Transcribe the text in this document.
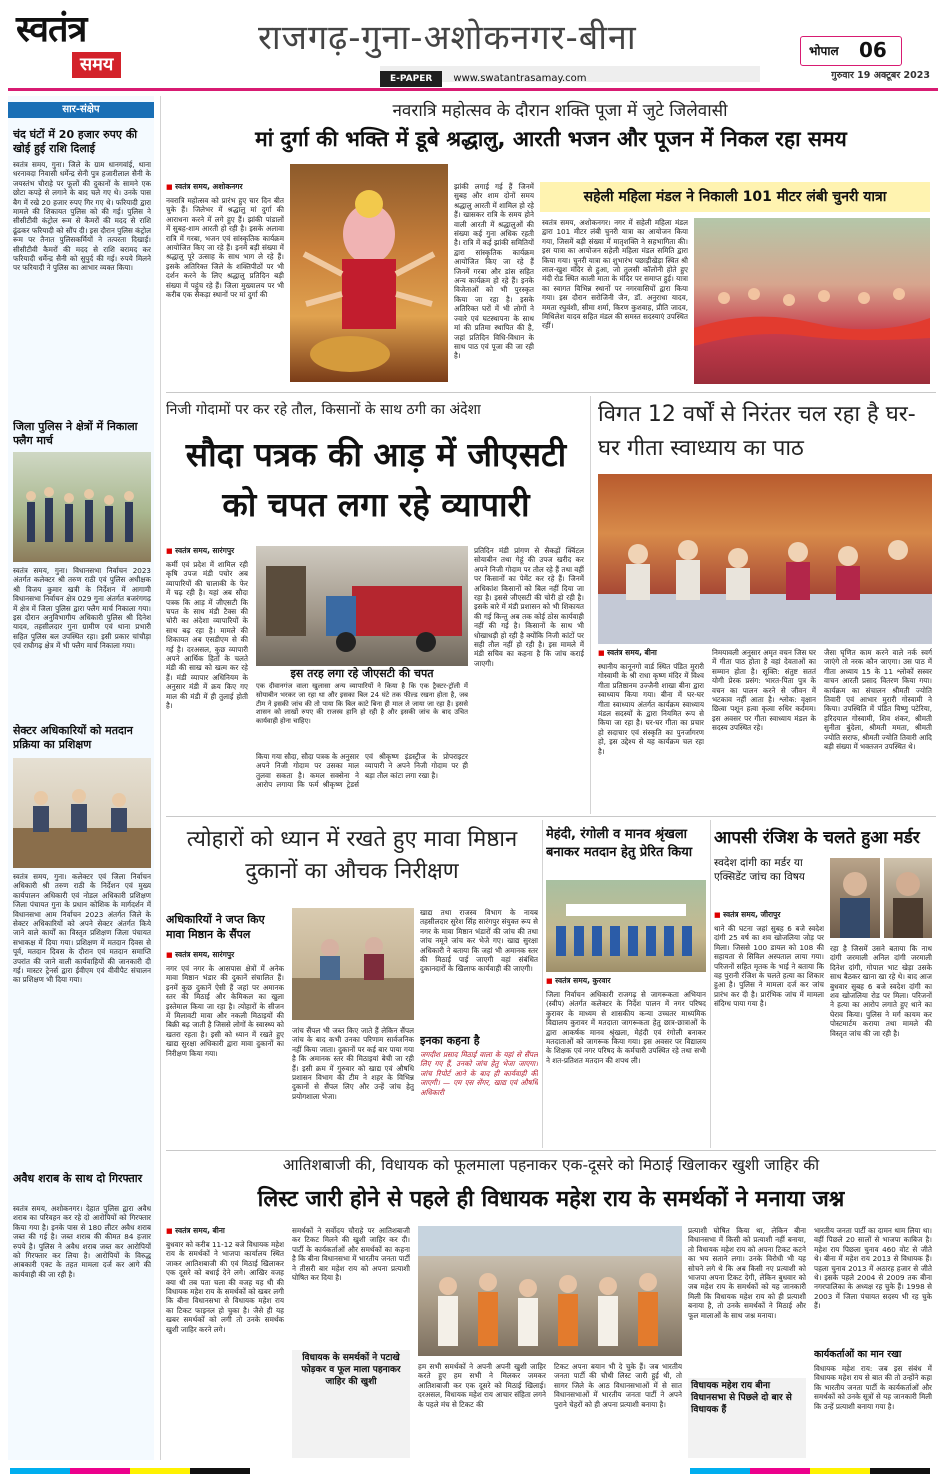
स्वतंत्र
समय
राजगढ़-गुना-अशोकनगर-बीना
E-PAPER www.swatantrasamay.com
भोपाल 06
गुरुवार 19 अक्टूबर 2023
सार-संक्षेप
चंद घंटों में 20 हजार रुपए की खोई हुई राशि दिलाई
स्वतंत्र समय, गुना। जिले के ग्राम धानगवांई, थाना धरनावदा निवासी धर्मेन्द्र सेनी पुत्र हजारीलाल सैनी के जयस्तंभ चौराहे पर फूलों की दुकानों के सामने एक छोटा कपड़े से लगाने के बाद चले गए थे। उनके पास बैग में रखे 20 हजार रुपए गिर गए थे। फरियादी द्वारा मामले की शिकायत पुलिस को की गई। पुलिस ने सीसीटीवी कंट्रोल रूम से कैमरों की मदद से राशि ढूंढकर फरियादी को सौंप दी। इस दौरान पुलिस कंट्रोल रूम पर तैनात पुलिसकर्मियों ने तत्परता दिखाई। सीसीटीवी कैमरों की मदद से राशि बरामद कर फरियादी धर्मेन्द्र सैनी को सुपुर्द की गई। रुपये मिलने पर फरियादी ने पुलिस का आभार व्यक्त किया।
जिला पुलिस ने क्षेत्रों में निकाला फ्लैग मार्च
स्वतंत्र समय, गुना। विधानसभा निर्वाचन 2023 अंतर्गत कलेक्टर श्री तरुण राठी एवं पुलिस अधीक्षक श्री विजय कुमार खत्री के निर्देशन में आगामी विधानसभा निर्वाचन क्षेत्र 029 गुना अंतर्गत बजरंगगढ़ में क्षेत्र में जिला पुलिस द्वारा फ्लैग मार्च निकाला गया। इस दौरान अनुविभागीय अधिकारी पुलिस श्री दिनेश यादव, तहसीलदार गुना ग्रामीण एवं थाना प्रभारी सहित पुलिस बल उपस्थित रहा। इसी प्रकार चांचौड़ा एवं राघौगढ़ क्षेत्र में भी फ्लैग मार्च निकाला गया।
सेक्टर अधिकारियों को मतदान प्रक्रिया का प्रशिक्षण
स्वतंत्र समय, गुना। कलेक्टर एवं जिला निर्वाचन अधिकारी श्री तरुण राठी के निर्देशन एवं मुख्य कार्यपालन अधिकारी एवं नोडल अधिकारी प्रशिक्षण जिला पंचायत गुना के प्रधान कोशिक के मार्गदर्शन में विधानसभा आम निर्वाचन 2023 अंतर्गत जिले के सेक्टर अधिकारियों को अपने सेक्टर अंतर्गत किये जाने वाले कार्यों का विस्तृत प्रशिक्षण जिला पंचायत सभाकक्ष में दिया गया। प्रशिक्षण में मतदान दिवस से पूर्व, मतदान दिवस के दौरान एवं मतदान समाप्ति उपरांत की जाने वाली कार्यवाहियों की जानकारी दी गई। मास्टर ट्रेनर्स द्वारा ईवीएम एवं वीवीपैट संचालन का प्रशिक्षण भी दिया गया।
अवैध शराब के साथ दो गिरफ्तार
स्वतंत्र समय, अशोकनगर। देहात पुलिस द्वारा अवैध शराब का परिवहन कर रहे दो आरोपियों को गिरफ्तार किया गया है। इनके पास से 180 लीटर अवैध शराब जब्त की गई है। जब्त शराब की कीमत 84 हजार रुपये है। पुलिस ने अवैध शराब जब्त कर आरोपियों को गिरफ्तार कर लिया है। आरोपियों के विरुद्ध आबकारी एक्ट के तहत मामला दर्ज कर आगे की कार्यवाही की जा रही है।
नवरात्रि महोत्सव के दौरान शक्ति पूजा में जुटे जिलेवासी
मां दुर्गा की भक्ति में डूबे श्रद्धालु, आरती भजन और पूजन में निकल रहा समय
■ स्वतंत्र समय, अशोकनगर
नवरात्रि महोत्सव को प्रारंभ हुए चार दिन बीत चुके हैं। जिलेभर में श्रद्धालु मां दुर्गा की आराधना करने में लगे हुए हैं। झांकी पांडालों में सुबह-शाम आरती हो रही है। इसके अलावा रात्रि में गरबा, भजन एवं सांस्कृतिक कार्यक्रम आयोजित किए जा रहे हैं। इनमें बड़ी संख्या में श्रद्धालु पूरे उत्साह के साथ भाग ले रहे हैं। इसके अतिरिक्त जिले के शक्तिपीठों पर भी दर्शन करने के लिए श्रद्धालु प्रतिदिन बड़ी संख्या में पहुंच रहे हैं। जिला मुख्यालय पर भी करीब एक सैकड़ा स्थानों पर मां दुर्गा की
झांकी लगाई गई हैं जिनमें सुबह और शाम दोनों समय श्रद्धालु आरती में शामिल हो रहे हैं। खासकर रात्रि के समय होने वाली आरती में श्रद्धालुओं की संख्या कई गुना अधिक रहती है। रात्रि में कई झांकी समितियों द्वारा सांस्कृतिक कार्यक्रम आयोजित किए जा रहे हैं जिनमें गरबा और डांस सहित अन्य कार्यक्रम हो रहे हैं। इनके विजेताओं को भी पुरस्कृत किया जा रहा है। इसके अतिरिक्त घरों में भी लोगों ने ज्वारे एवं घटस्थापना के साथ मां की प्रतिमा स्थापित की है, जहां प्रतिदिन विधि-विधान के साथ पाठ एवं पूजा की जा रही है।
सहेली महिला मंडल ने निकाली 101 मीटर लंबी चुनरी यात्रा
स्वतंत्र समय, अशोकनगर। नगर में सहेली महिला मंडल द्वारा 101 मीटर लंबी चुनरी यात्रा का आयोजन किया गया, जिसमें बड़ी संख्या में मातृशक्ति ने सहभागिता की। इस यात्रा का आयोजन सहेली महिला मंडल समिति द्वारा किया गया। चुनरी यात्रा का शुभारंभ पछाड़ीखेड़ा स्थित श्री लाल-खुश मंदिर से हुआ, जो तुलसी कॉलोनी होते हुए मंदी रोड स्थित काली माता के मंदिर पर समाप्त हुई। यात्रा का स्वागत विभिन्न स्थानों पर नगरवासियों द्वारा किया गया। इस दौरान सरोजिनी जैन, डॉ. अनुराधा यादव, ममता रघुवंशी, सीमा शर्मा, किरण कुशवाह, प्रीति जादव, मिथिलेश यादव सहित मंडल की समस्त सदस्याएं उपस्थित रहीं।
निजी गोदामों पर कर रहे तौल, किसानों के साथ ठगी का अंदेशा
सौदा पत्रक की आड़ में जीएसटी को चपत लगा रहे व्यापारी
■ स्वतंत्र समय, सारंगपुर
कर्मी एवं प्रदेश में शामिल रही कृषि उपज मंडी पचोर अब व्यापारियों की चालाकी के फेर में चढ़ रही है। यहां अब सौदा पत्रक कि आड़ में जीएसटी कि चपत के साथ मंडी टैक्स की चोरी का अंदेशा व्यापारियों के साथ बढ़ रहा है। मामले की शिकायत अब एसडीएम से की गई है। दरअसल, कुछ व्यापारी अपने आर्थिक हितों के चलते मंडी की साख को खत्म कर रहे हैं। मंडी व्यापार अधिनियम के अनुसार मंडी में क्रय किए गए माल की मंडी में ही तुलाई होती है।
इस तरह लगा रहे जीएसटी की चपत
एक दीवानगंज वाला खुलासा अन्य व्यापारियों ने किया है कि एक ट्रैक्टर-ट्रॉली में सोयाबीन भरकर जा रहा था और इसका बिल 24 घंटे तक फील्ड रखना होता है, जब टीम ने इसकी जांच की तो पाया कि बिल काटे बिना ही माल ले जाया जा रहा है। इससे शासन को लाखों रुपए की राजस्व हानि हो रही है और इसकी जांच के बाद उचित कार्यवाही होना चाहिए।
किया गया सौदा, सौदा पत्रक के अनुसार अपने निजी गोदाम पर उसका माल तुलवा सकता है। कमल सक्सेना ने आरोप लगाया कि फर्म श्रीकृष्ण ट्रेडर्स एवं श्रीकृष्ण इंडस्ट्रीज के प्रोपराइटर व्यापारी ने अपने निजी गोदाम पर ही बड़ा तौल कांटा लगा रखा है।
प्रतिदिन मंडी प्रांगण से सैकड़ों क्विंटल सोयाबीन तथा गेहूं की उपज खरीद कर अपने निजी गोदाम पर तौल रहे हैं तथा वहीं पर किसानों का पेमेंट कर रहे हैं। जिनमें अधिकांश किसानों को बिल नहीं दिया जा रहा है। इससे जीएसटी की चोरी हो रही है। इसके बारे में मंडी प्रशासन को भी शिकायत की गई किन्तु अब तक कोई ठोस कार्यवाही नहीं की गई है। किसानों के साथ भी धोखाधड़ी हो रही है क्योंकि निजी कांटों पर सही तौल नहीं हो रही है। इस मामले में मंडी सचिव का कहना है कि जांच कराई जाएगी।
विगत 12 वर्षों से निरंतर चल रहा है घर-घर गीता स्वाध्याय का पाठ
■ स्वतंत्र समय, बीना
स्थानीय कानूनगो वार्ड स्थित पंडित मुरारी गोस्वामी के श्री राधा कृष्ण मंदिर में विश्व गीता प्रतिष्ठानम उज्जैनी शाखा बीना द्वारा स्वाध्याय किया गया। बीना में घर-घर गीता स्वाध्याय अंतर्गत कार्यक्रम स्वाध्याय मंडल सदस्यों के द्वारा नियमित रूप से किया जा रहा है। घर-घर गीता का प्रचार हो सदाचार एवं संस्कृति का पुनर्जागरण हो, इस उद्देश्य से यह कार्यक्रम चल रहा है।
निमयावली अनुसार अमृत वचन जिस घर में गीता पाठ होता है वहां देवताओं का सम्मान होता है। सूक्ति: संतुष्ट सततं योगी प्रेरक प्रसंग: भारत-पिता पुत्र के वचन का पालन करने से जीवन में भटकाव नहीं आता है। श्लोक: वृक्षान छित्वा पशून हत्वा कृत्वा रुधिर कर्दमम। इस अवसर पर गीता स्वाध्याय मंडल के सदस्य उपस्थित रहे।
जैसा घृणित काम करने वाले नर्क स्वर्ग जाएंगे तो नरक कौन जाएगा। उस पाठ में गीता अध्याय 15 के 11 श्लोकों सस्वर वाचन आरती प्रसाद वितरण किया गया। कार्यक्रम का संचालन श्रीमती ज्योति तिवारी एवं आभार मुरारी गोस्वामी ने किया। उपस्थिति में पंडित विष्णु पटेरिया, हरिदयाल गोस्वामी, शिव शंकर, श्रीमती सुनीता बुंदेला, श्रीमती ममता, श्रीमती ज्योति सराफ, श्रीमती ज्योति तिवारी आदि बड़ी संख्या में भक्तजन उपस्थित थे।
त्योहारों को ध्यान में रखते हुए मावा मिष्ठान दुकानों का औचक निरीक्षण
अधिकारियों ने जप्त किए मावा मिष्ठान के सैंपल
■ स्वतंत्र समय, सारंगपुर
नगर एवं नगर के आसपास क्षेत्रों में अनेक मावा मिष्ठान भंडार की दुकानें संचालित हैं। इनमें कुछ दुकानें ऐसी हैं जहां पर अमानक स्तर की मिठाई और केमिकल का खुला इस्तेमाल किया जा रहा है। त्योहारों के सीजन में मिलावटी मावा और नकली मिठाइयों की बिक्री बढ़ जाती है जिससे लोगों के स्वास्थ्य को खतरा रहता है। इसी को ध्यान में रखते हुए खाद्य सुरक्षा अधिकारी द्वारा मावा दुकानों का निरीक्षण किया गया।
जांच सैंपल भी जब्त किए जाते हैं लेकिन सैंपल जांच के बाद कभी उनका परिणाम सार्वजनिक नहीं किया जाता। दुकानों पर कई बार पाया गया है कि अमानक स्तर की मिठाइयां बेची जा रही हैं। इसी क्रम में गुरुवार को खाद्य एवं औषधि प्रशासन विभाग की टीम ने शहर के विभिन्न दुकानों से सैंपल लिए और उन्हें जांच हेतु प्रयोगशाला भेजा।
खाद्य तथा राजस्व विभाग के नायब तहसीलदार सुरेश सिंह सारंगपुर संयुक्त रूप से नगर के मावा मिष्ठान भंडारों की जांच की तथा जांच नमूने जांच कर भेजे गए। खाद्य सुरक्षा अधिकारी ने बताया कि जहां भी अमानक स्तर की मिठाई पाई जाएगी वहां संबंधित दुकानदारों के खिलाफ कार्यवाही की जाएगी।
इनका कहना है
जगदीश प्रसाद मिठाई वाला के यहां से सैंपल लिए गए हैं, उनको जांच हेतु भेजा जाएगा। जांच रिपोर्ट आने के बाद ही कार्यवाही की जाएगी। — एम एस सेंगर, खाद्य एवं औषधि अधिकारी
मेहंदी, रंगोली व मानव श्रृंखला बनाकर मतदान हेतु प्रेरित किया
■ स्वतंत्र समय, कुरवार
जिला निर्वाचन अधिकारी राजगढ़ से जागरूकता अभियान (स्वीप) अंतर्गत कलेक्टर के निर्देश पालन में नगर परिषद कुरावर के माध्यम से शासकीय कन्या उच्चतर माध्यमिक विद्यालय कुरावर में मतदाता जागरूकता हेतु छात्र-छात्राओं के द्वारा आकर्षक मानव श्रृंखला, मेहंदी एवं रंगोली बनाकर मतदाताओं को जागरूक किया गया। इस अवसर पर विद्यालय के शिक्षक एवं नगर परिषद के कर्मचारी उपस्थित रहे तथा सभी ने शत-प्रतिशत मतदान की शपथ ली।
आपसी रंजिश के चलते हुआ मर्डर
स्वदेश दांगी का मर्डर या एक्सिडेंट जांच का विषय
■ स्वतंत्र समय, जीरापुर
थाने की घटना जहां सुबह 6 बजे स्वदेश दांगी 25 वर्ष का शव खोजलिया जोड़ पर मिला। जिससे 100 डायल को 108 की सहायता से सिविल अस्पताल लाया गया। परिजनों सहित मृतक के भाई ने बताया कि वह पुरानी रंजिश के चलते हत्या का शिकार हुआ है। पुलिस ने मामला दर्ज कर जांच प्रारंभ कर दी है। प्रारंभिक जांच में मामला संदिग्ध पाया गया है।
रहा है जिसमें उसने बताया कि नाथ दांगी जरमाली अनिल दांगी जरमाली दिनेश दांगी, गोपाल भाट खेड़ा उसके साथ बैठकर खाना खा रहे थे। बाद आज बुधवार सुबह 6 बजे स्वदेश दांगी का शव खोजलिया रोड पर मिला। परिजनों ने हत्या का आरोप लगाते हुए थाने का घेराव किया। पुलिस ने मर्ग कायम कर पोस्टमार्टम कराया तथा मामले की विस्तृत जांच की जा रही है।
आतिशबाजी की, विधायक को फूलमाला पहनाकर एक-दूसरे को मिठाई खिलाकर खुशी जाहिर की
लिस्ट जारी होने से पहले ही विधायक महेश राय के समर्थकों ने मनाया जश्न
■ स्वतंत्र समय, बीना
बुधवार को करीब 11-12 बजे विधायक महेश राय के समर्थकों ने भाजपा कार्यालय स्थित जाकर आतिशबाजी की एवं मिठाई खिलाकर एक दूसरे को बधाई देने लगे। आखिर वजह क्या थी तब पता चला की वजह यह थी की विधायक महेश राय के समर्थकों को खबर लगी कि बीना विधानसभा से विधायक महेश राय का टिकट फाइनल हो चुका है। जैसे ही यह खबर समर्थकों को लगी तो उनके समर्थक खुशी जाहिर करने लगे।
समर्थकों ने सर्वोदय चौराहे पर आतिशबाजी कर टिकट मिलने की खुशी जाहिर कर दी। पार्टी के कार्यकर्ताओं और समर्थकों का कहना है कि बीना विधानसभा में भारतीय जनता पार्टी ने तीसरी बार महेश राय को अपना प्रत्याशी घोषित कर दिया है।
विधायक के समर्थकों ने पटाखे फोड़कर व फूल माला पहनाकर जाहिर की खुशी
हम सभी समर्थकों ने अपनी अपनी खुशी जाहिर करते हुए हम सभी ने मिलकर जमकर आतिशबाजी कर एक दूसरे को मिठाई खिलाई। दरअसल, विधायक महेश राय आचार संहिता लगने के पहले मंच से टिकट की
टिकट अपना बयान भी दे चुके हैं। जब भारतीय जनता पार्टी की चौथी लिस्ट जारी हुई थी, तो सागर जिले के आठ विधानसभाओं में से सात विधानसभाओं में भारतीय जनता पार्टी ने अपने पुराने चेहरों को ही अपना प्रत्याशी बनाया है।
प्रत्याशी घोषित किया था, लेकिन बीना विधानसभा में किसी को प्रत्याशी नहीं बनाया, तो विधायक महेश राय को अपना टिकट कटने का भय सताने लगा। उनके विरोधी भी यह सोचने लगे थे कि अब किसी नए प्रत्याशी को भाजपा अपना टिकट देगी, लेकिन बुधवार को जब महेश राय के समर्थकों को यह जानकारी मिली कि विधायक महेश राय को ही प्रत्याशी बनाया है, तो उनके समर्थकों ने मिठाई और फूल मालाओं के साथ जश्न मनाया।
विधायक महेश राय बीना विधानसभा से पिछले दो बार से विधायक हैं
भारतीय जनता पार्टी का दामन थाम लिया था। वहीं पिछले 20 सालों से भाजपा काबिज है। महेश राय पिछला चुनाव 460 वोट से जीते थे। बीना में महेश राय 2013 से विधायक हैं। पहला चुनाव 2013 में अठारह हजार से जीते थे। इसके पहले 2004 से 2009 तक बीना नगरपालिका के अध्यक्ष रह चुके हैं। 1998 से 2003 में जिला पंचायत सदस्य भी रह चुके हैं।
कार्यकर्ताओं का मान रखा
विधायक महेश राय: जब इस संबंध में विधायक महेश राय से बात की तो उन्होंने कहा कि भारतीय जनता पार्टी के कार्यकर्ताओं और समर्थकों को उनके सूत्रों से यह जानकारी मिली कि उन्हें प्रत्याशी बनाया गया है।
